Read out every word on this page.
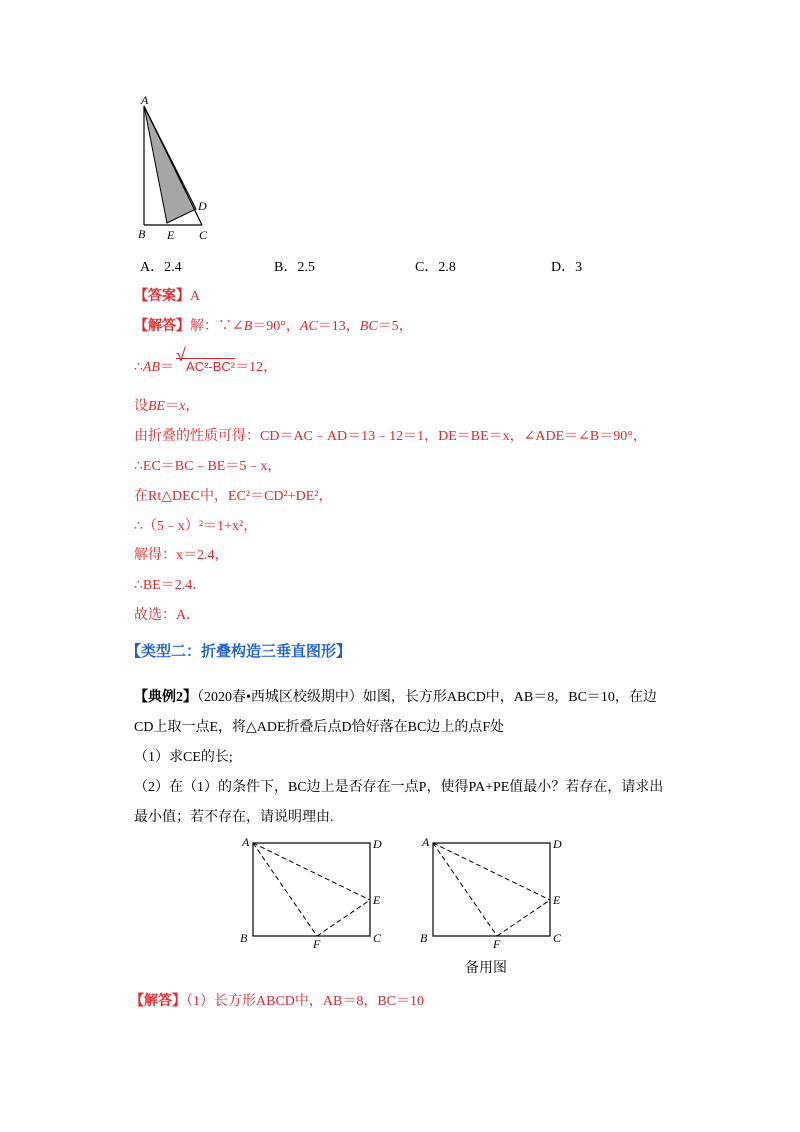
A
B E C
D
A．2.4	B．2.5	C．2.8	D．3
【答案】A
【解答】解：∵∠B＝90°，AC＝13，BC＝5，
∴AB＝
√
AC²-BC²＝12，
设BE＝x，
由折叠的性质可得：CD＝AC﹣AD＝13﹣12＝1，DE＝BE＝x，∠ADE＝∠B＝90°，
∴EC＝BC﹣BE＝5﹣x，
在Rt△DEC中，EC²＝CD²+DE²，
∴（5﹣x）²＝1+x²，
解得：x＝2.4，
∴BE＝2.4．
故选：A．
【类型二：折叠构造三垂直图形】
【典例2】（2020春•西城区校级期中）如图，长方形ABCD中，AB＝8，BC＝10，在边
CD上取一点E，将△ADE折叠后点D恰好落在BC边上的点F处
（1）求CE的长;
（2）在（1）的条件下，BC边上是否存在一点P，使得PA+PE值最小？若存在，请求出
最小值；若不存在，请说明理由.
A	D
E
B	F	C
A	D
E
B	F	C
备用图
【解答】（1）长方形ABCD中，AB＝8，BC＝10
